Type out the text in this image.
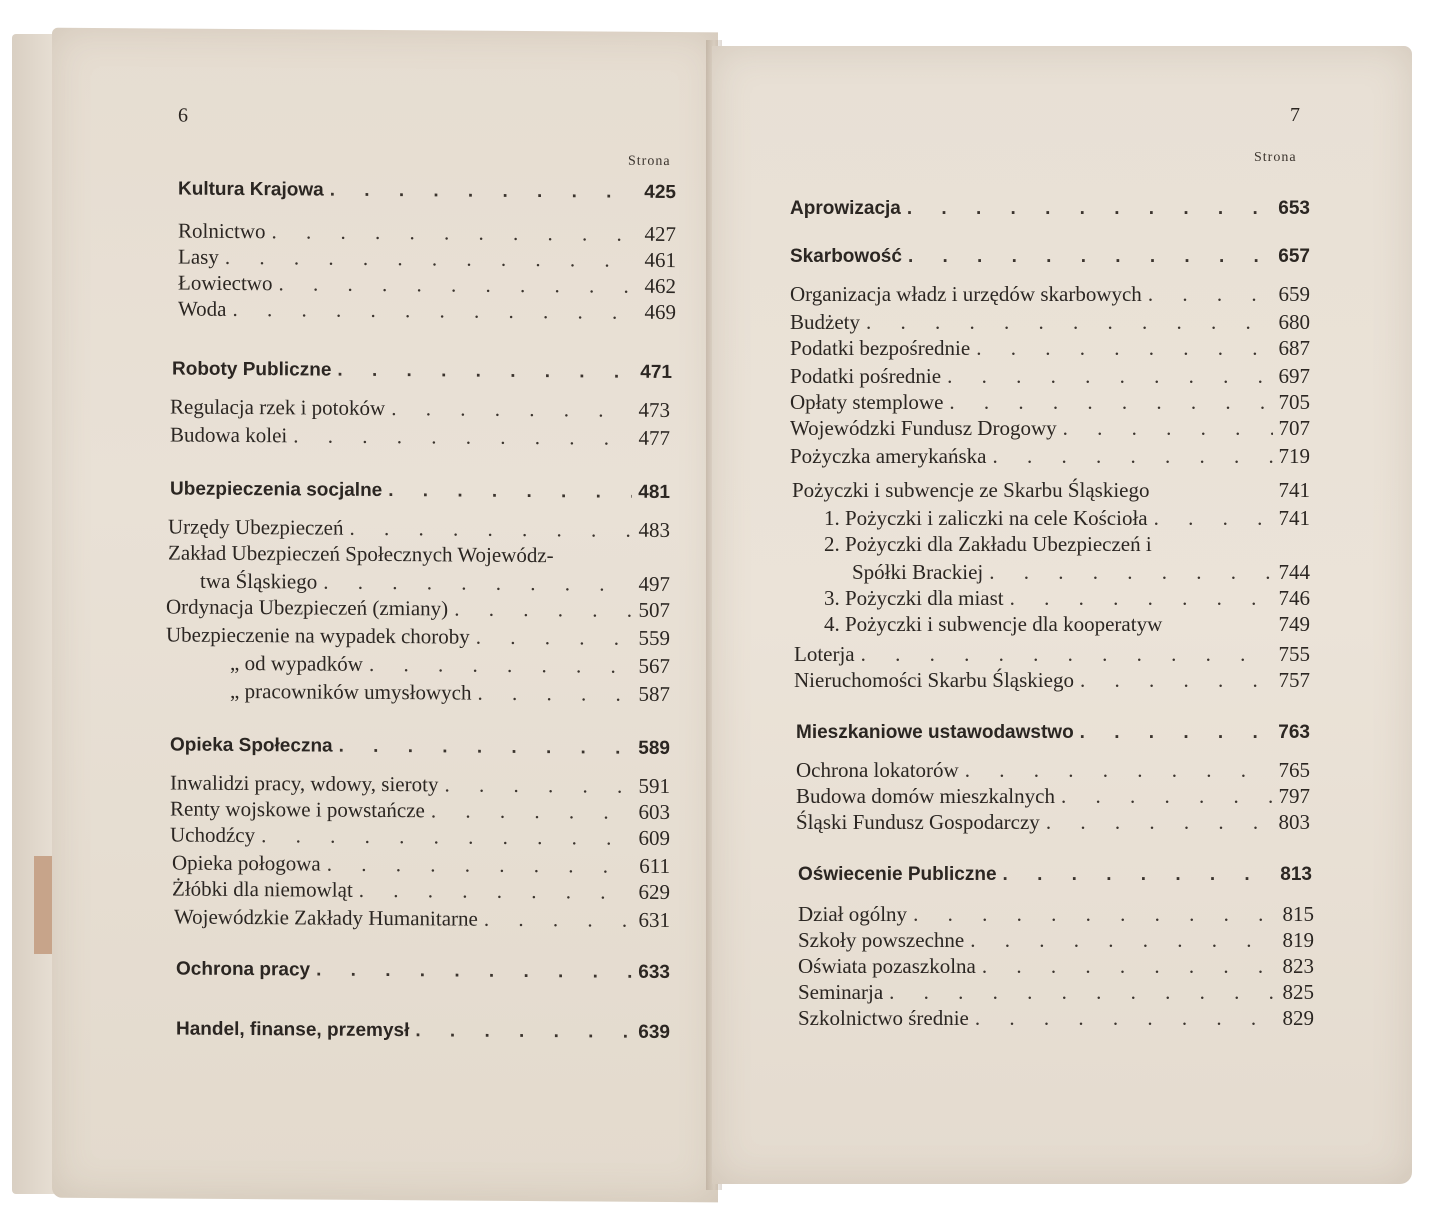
6
Strona
Kultura Krajowa . . .	425
Rolnictwo . . .	427
Lasy . . .	461
Łowiectwo . . .	462
Woda . . .	469
Roboty Publiczne . . .	471
Regulacja rzek i potoków . . .	473
Budowa kolei . . .	477
Ubezpieczenia socjalne . . .	481
Urzędy Ubezpieczeń . . .	483
Zakład Ubezpieczeń Społecznych Wojewódz-
twa Śląskiego . . .	497
Ordynacja Ubezpieczeń (zmiany) . . .	507
Ubezpieczenie na wypadek choroby . . .	559
„ od wypadków . . .	567
„ pracowników umysłowych . . .	587
Opieka Społeczna . . .	589
Inwalidzi pracy, wdowy, sieroty . . .	591
Renty wojskowe i powstańcze . . .	603
Uchodźcy . . .	609
Opieka połogowa . . .	611
Żłóbki dla niemowląt . . .	629
Wojewódzkie Zakłady Humanitarne . . .	631
Ochrona pracy . . .	633
Handel, finanse, przemysł . . .	639
7
Strona
Aprowizacja . . .	653
Skarbowość . . .	657
Organizacja władz i urzędów skarbowych . . .	659
Budżety . . .	680
Podatki bezpośrednie . . .	687
Podatki pośrednie . . .	697
Opłaty stemplowe . . .	705
Wojewódzki Fundusz Drogowy . . .	707
Pożyczka amerykańska . . .	719
Pożyczki i subwencje ze Skarbu Śląskiego	741
1. Pożyczki i zaliczki na cele Kościoła . . .	741
2. Pożyczki dla Zakładu Ubezpieczeń i
Spółki Brackiej . . .	744
3. Pożyczki dla miast . . .	746
4. Pożyczki i subwencje dla kooperatyw	749
Loterja . . .	755
Nieruchomości Skarbu Śląskiego . . .	757
Mieszkaniowe ustawodawstwo . . .	763
Ochrona lokatorów . . .	765
Budowa domów mieszkalnych . . .	797
Śląski Fundusz Gospodarczy . . .	803
Oświecenie Publiczne . . .	813
Dział ogólny . . .	815
Szkoły powszechne . . .	819
Oświata pozaszkolna . . .	823
Seminarja . . .	825
Szkolnictwo średnie . . .	829
